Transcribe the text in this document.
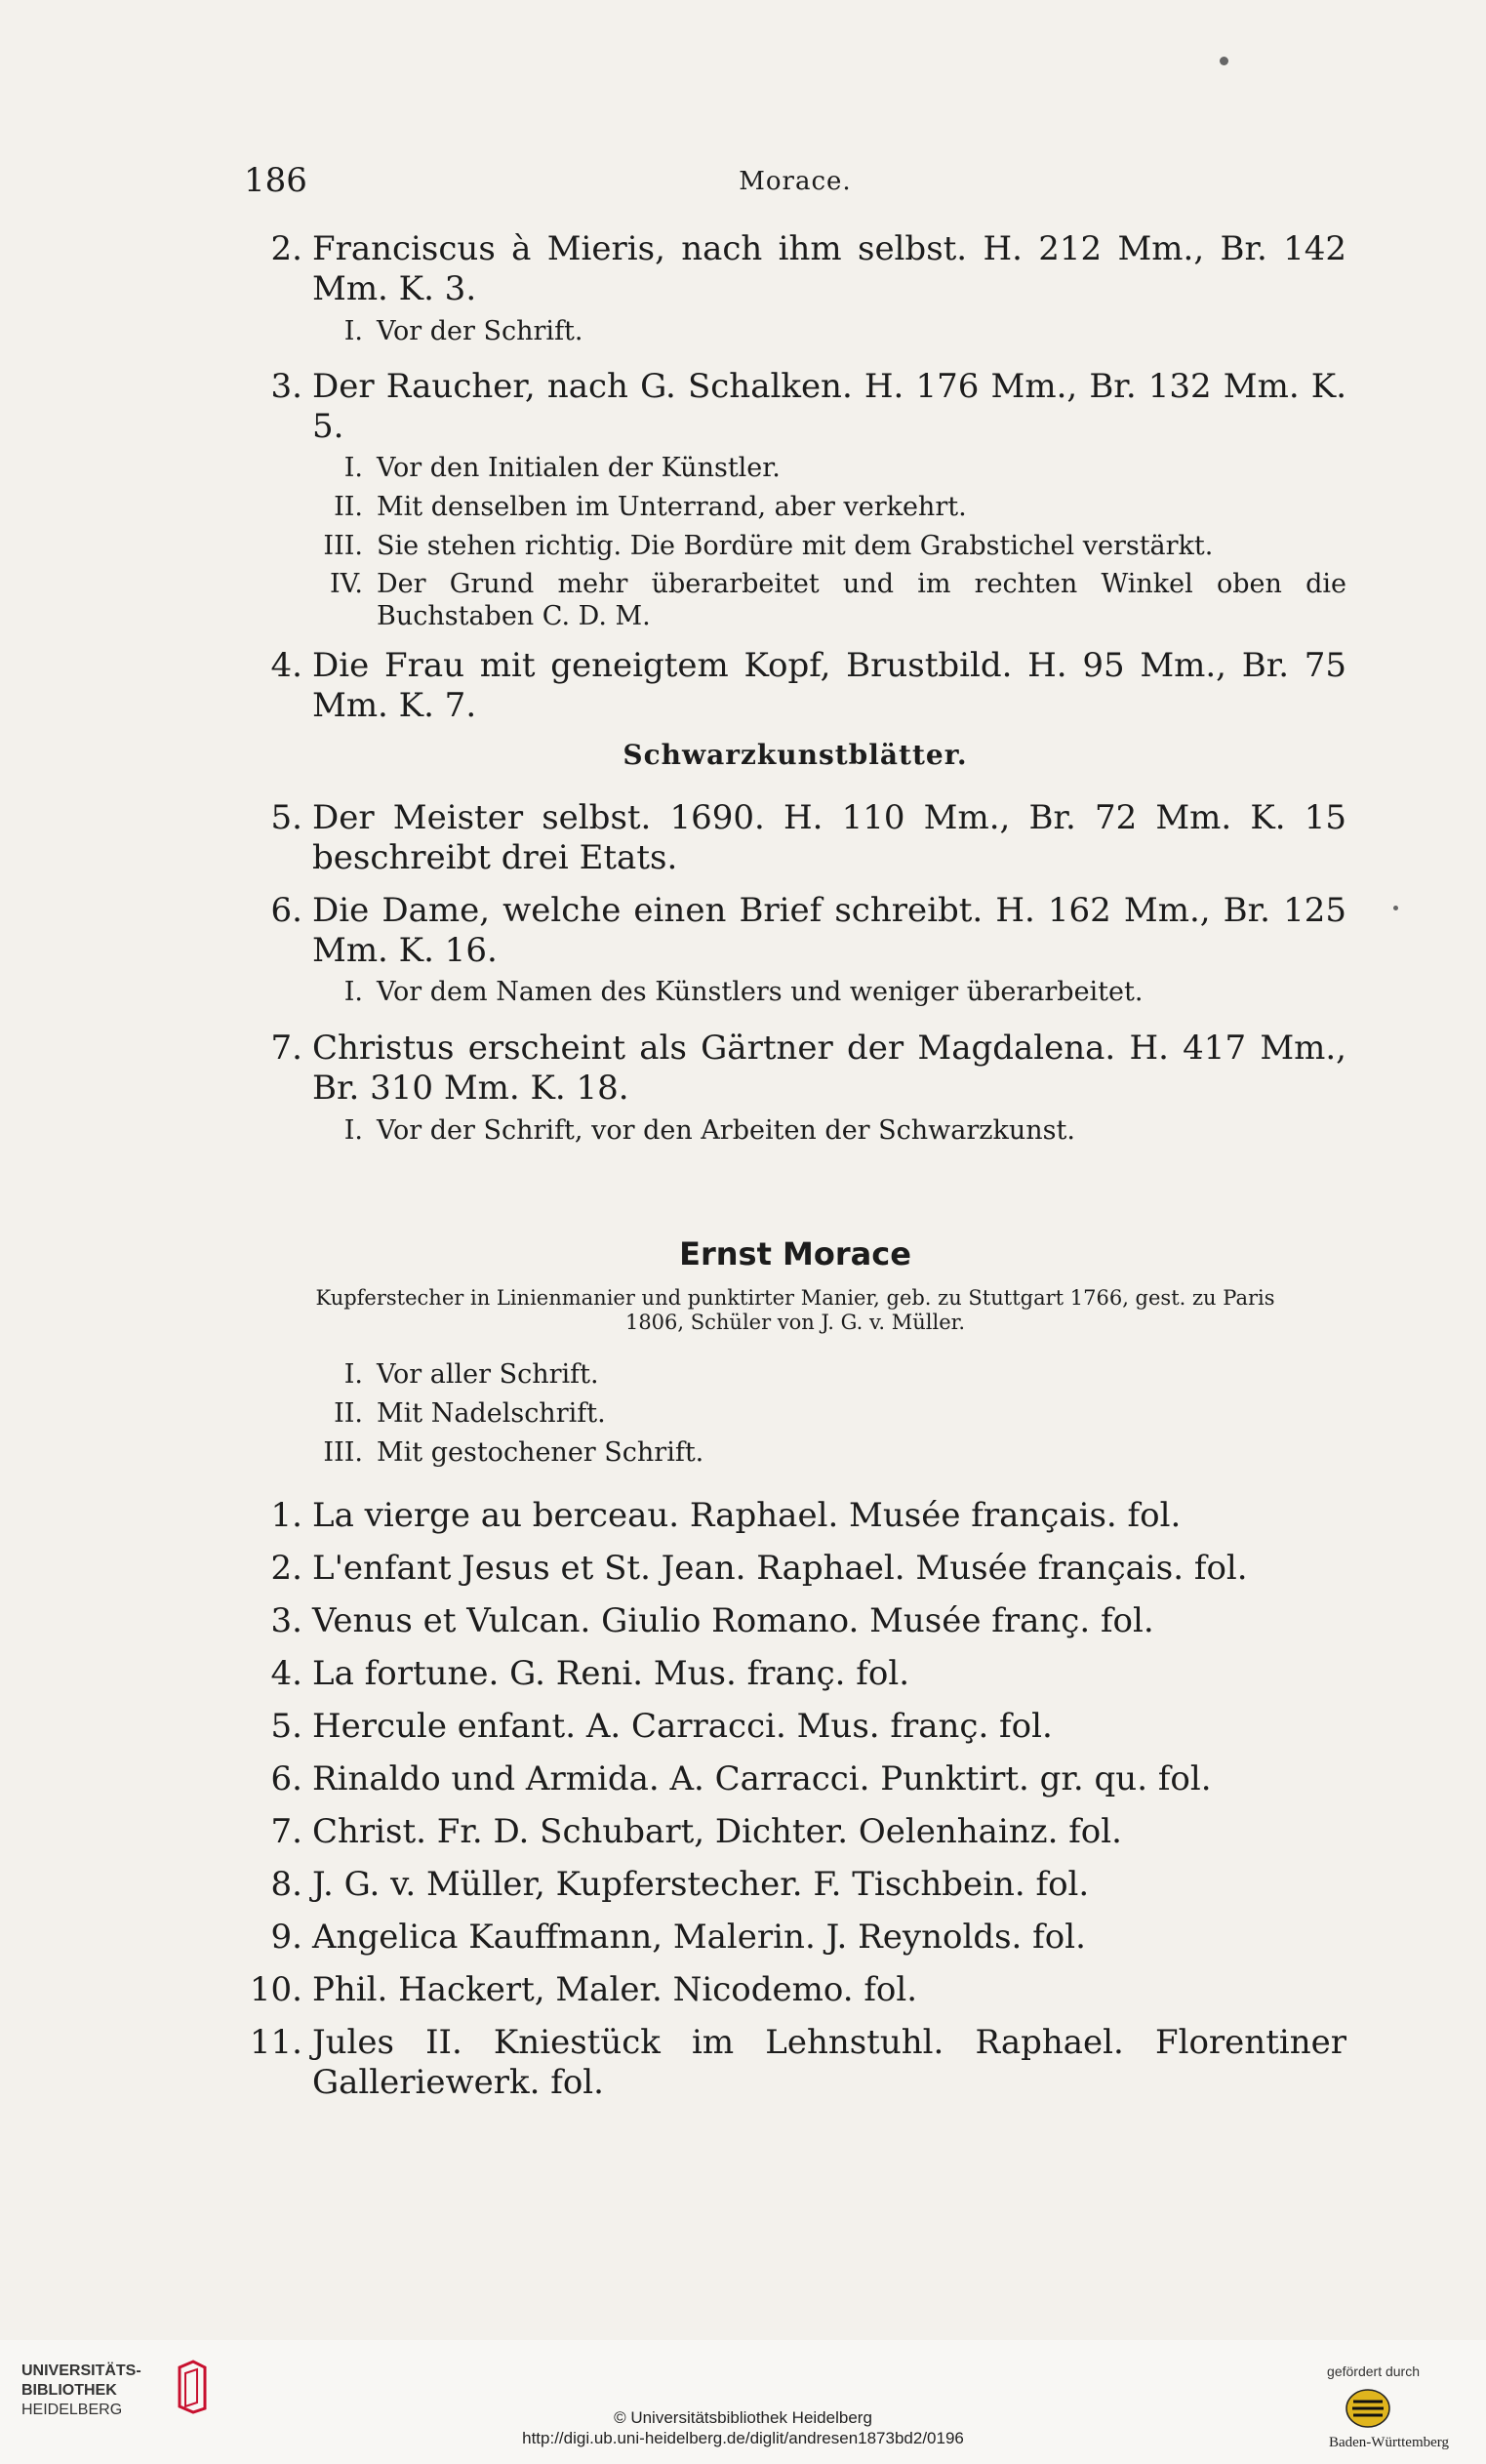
186	Morace.
2. Franciscus à Mieris, nach ihm selbst. H. 212 Mm., Br. 142 Mm. K. 3.
I. Vor der Schrift.
3. Der Raucher, nach G. Schalken. H. 176 Mm., Br. 132 Mm. K. 5.
I. Vor den Initialen der Künstler.
II. Mit denselben im Unterrand, aber verkehrt.
III. Sie stehen richtig. Die Bordüre mit dem Grabstichel verstärkt.
IV. Der Grund mehr überarbeitet und im rechten Winkel oben die Buchstaben C. D. M.
4. Die Frau mit geneigtem Kopf, Brustbild. H. 95 Mm., Br. 75 Mm. K. 7.
Schwarzkunstblätter.
5. Der Meister selbst. 1690. H. 110 Mm., Br. 72 Mm. K. 15 beschreibt drei Etats.
6. Die Dame, welche einen Brief schreibt. H. 162 Mm., Br. 125 Mm. K. 16.
I. Vor dem Namen des Künstlers und weniger überarbeitet.
7. Christus erscheint als Gärtner der Magdalena. H. 417 Mm., Br. 310 Mm. K. 18.
I. Vor der Schrift, vor den Arbeiten der Schwarzkunst.
Ernst Morace
Kupferstecher in Linienmanier und punktirter Manier, geb. zu Stuttgart 1766, gest. zu Paris 1806, Schüler von J. G. v. Müller.
I. Vor aller Schrift.
II. Mit Nadelschrift.
III. Mit gestochener Schrift.
1. La vierge au berceau. Raphael. Musée français. fol.
2. L'enfant Jesus et St. Jean. Raphael. Musée français. fol.
3. Venus et Vulcan. Giulio Romano. Musée franç. fol.
4. La fortune. G. Reni. Mus. franç. fol.
5. Hercule enfant. A. Carracci. Mus. franç. fol.
6. Rinaldo und Armida. A. Carracci. Punktirt. gr. qu. fol.
7. Christ. Fr. D. Schubart, Dichter. Oelenhainz. fol.
8. J. G. v. Müller, Kupferstecher. F. Tischbein. fol.
9. Angelica Kauffmann, Malerin. J. Reynolds. fol.
10. Phil. Hackert, Maler. Nicodemo. fol.
11. Jules II. Kniestück im Lehnstuhl. Raphael. Florentiner Galleriewerk. fol.
UNIVERSITÄTS-
BIBLIOTHEK
HEIDELBERG	© Universitätsbibliothek Heidelberg
http://digi.ub.uni-heidelberg.de/diglit/andresen1873bd2/0196
gefördert durch
Baden-Württemberg
